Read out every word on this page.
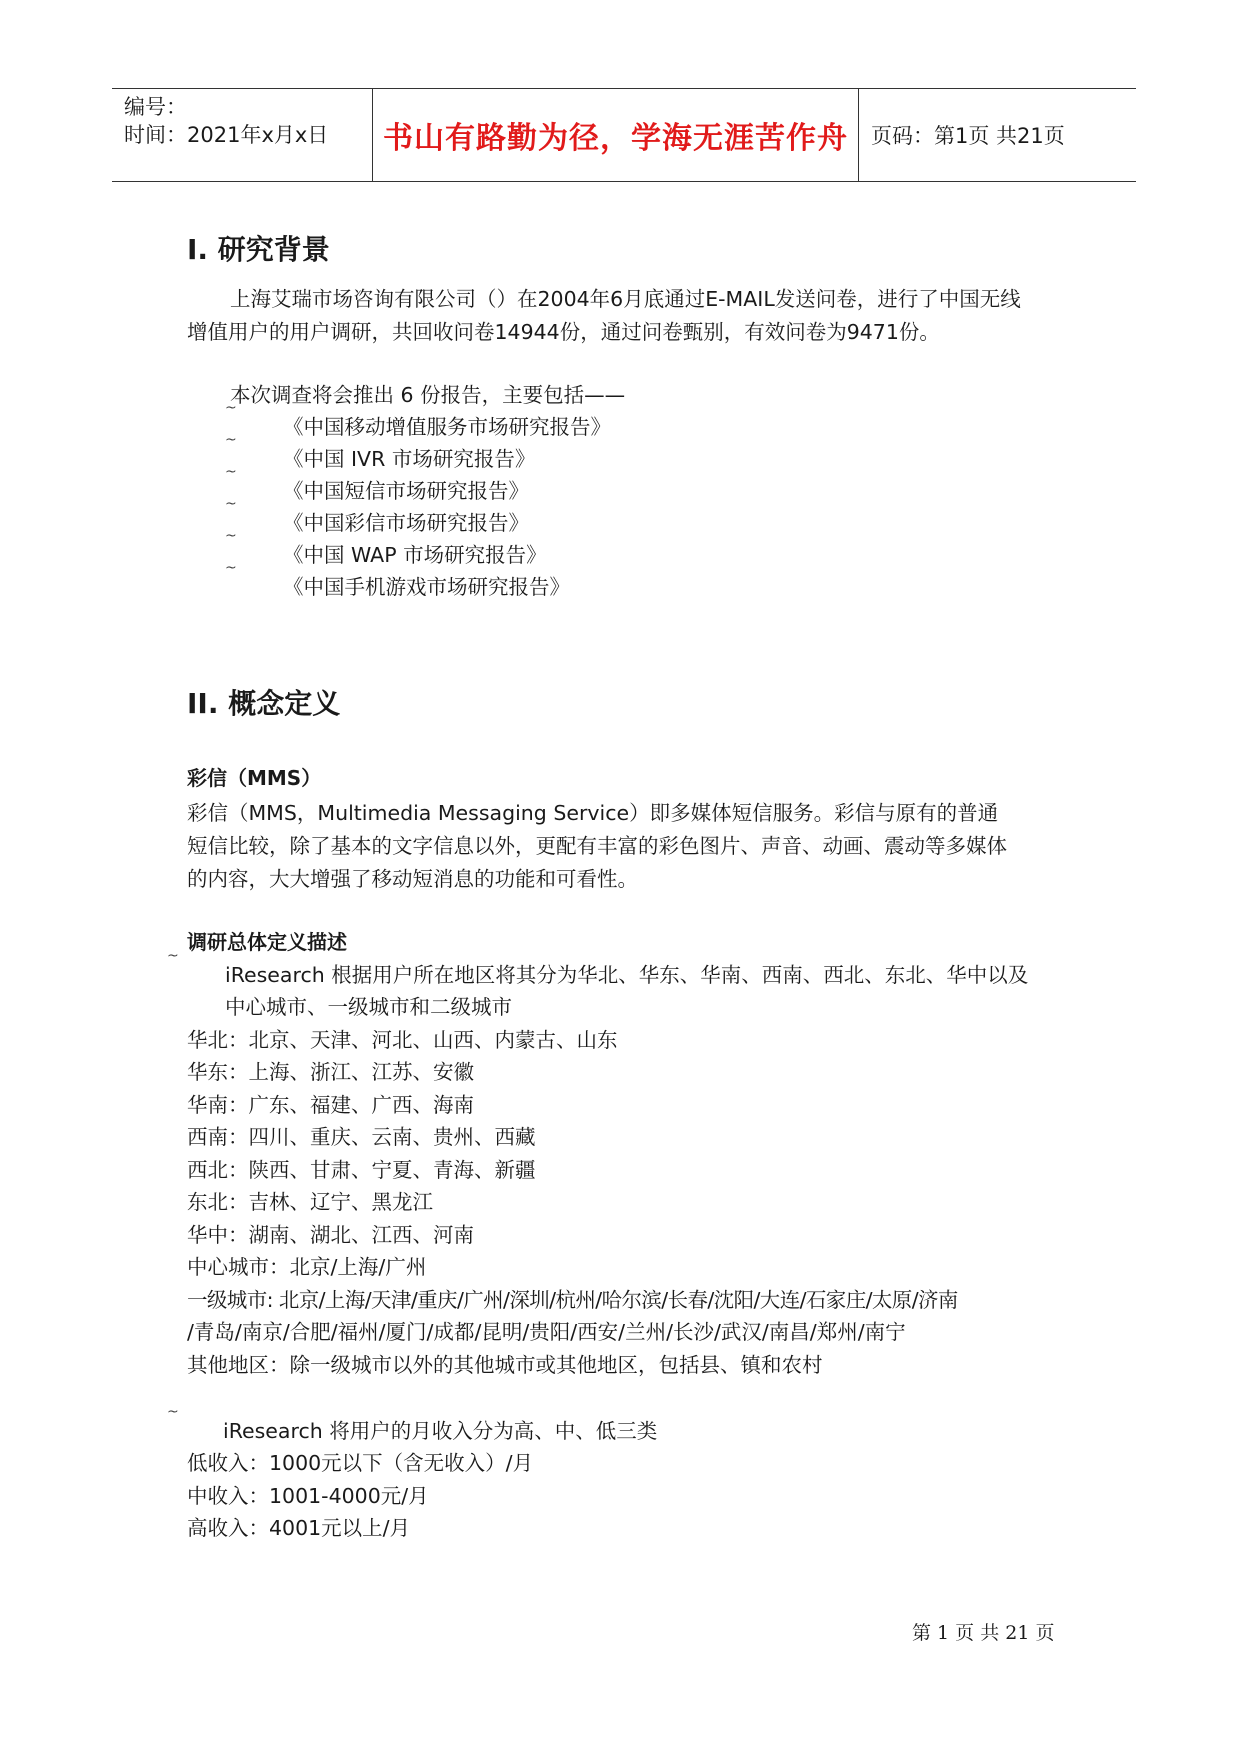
编号：
时间：2021年x月x日	书山有路勤为径，学海无涯苦作舟 页码：第1页 共21页
I. 研究背景
上海艾瑞市场咨询有限公司（）在2004年6月底通过E-MAIL发送问卷，进行了中国无线
增值用户的用户调研，共回收问卷14944份，通过问卷甄别，有效问卷为9471份。
本次调查将会推出 6 份报告，主要包括——
~
《中国移动增值服务市场研究报告》
~
《中国 IVR 市场研究报告》
~
《中国短信市场研究报告》
~
《中国彩信市场研究报告》
~
《中国 WAP 市场研究报告》
~
《中国手机游戏市场研究报告》
II. 概念定义
彩信（MMS）
彩信（MMS，Multimedia Messaging Service）即多媒体短信服务。彩信与原有的普通
短信比较，除了基本的文字信息以外，更配有丰富的彩色图片、声音、动画、震动等多媒体
的内容，大大增强了移动短消息的功能和可看性。
调研总体定义描述
~
iResearch 根据用户所在地区将其分为华北、华东、华南、西南、西北、东北、华中以及
中心城市、一级城市和二级城市
华北：北京、天津、河北、山西、内蒙古、山东
华东：上海、浙江、江苏、安徽
华南：广东、福建、广西、海南
西南：四川、重庆、云南、贵州、西藏
西北：陕西、甘肃、宁夏、青海、新疆
东北：吉林、辽宁、黑龙江
华中：湖南、湖北、江西、河南
中心城市：北京/上海/广州
一级城市: 北京/上海/天津/重庆/广州/深圳/杭州/哈尔滨/长春/沈阳/大连/石家庄/太原/济南
/青岛/南京/合肥/福州/厦门/成都/昆明/贵阳/西安/兰州/长沙/武汉/南昌/郑州/南宁
其他地区：除一级城市以外的其他城市或其他地区，包括县、镇和农村
~
iResearch 将用户的月收入分为高、中、低三类
低收入：1000元以下（含无收入）/月
中收入：1001-4000元/月
高收入：4001元以上/月
第 1 页 共 21 页
